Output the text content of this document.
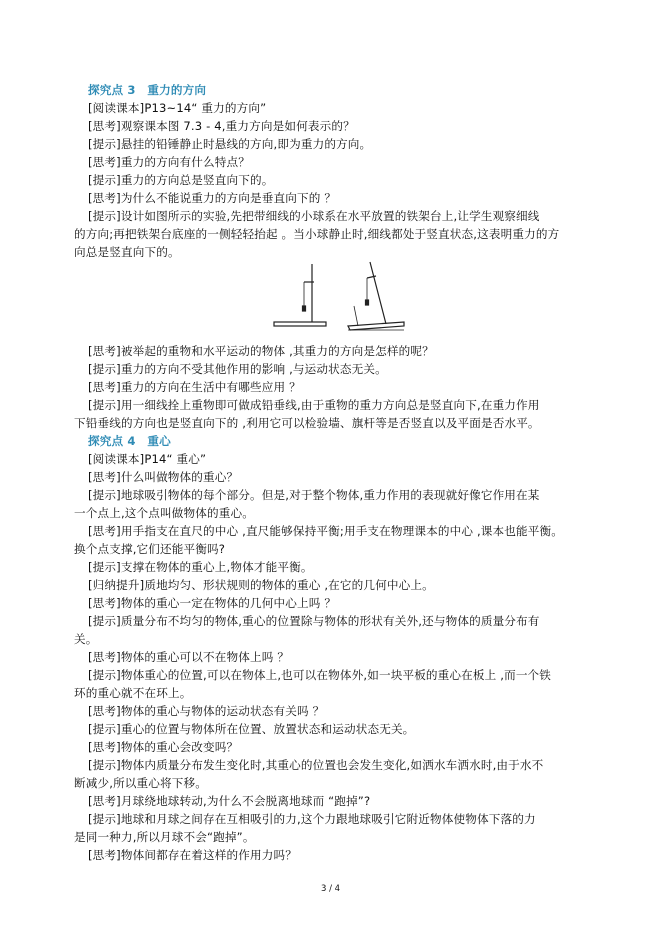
探究点 3　重力的方向
[阅读课本]P13~14“ 重力的方向”
[思考]观察课本图 7.3 - 4,重力方向是如何表示的？
[提示]悬挂的铅锤静止时悬线的方向,即为重力的方向。
[思考]重力的方向有什么特点？
[提示]重力的方向总是竖直向下的。
[思考]为什么不能说重力的方向是垂直向下的 ？
[提示]设计如图所示的实验,先把带细线的小球系在水平放置的铁架台上,让学生观察细线
的方向;再把铁架台底座的一侧轻轻抬起 。当小球静止时,细线都处于竖直状态,这表明重力的方
向总是竖直向下的。
[思考]被举起的重物和水平运动的物体 ,其重力的方向是怎样的呢？
[提示]重力的方向不受其他作用的影响 ,与运动状态无关。
[思考]重力的方向在生活中有哪些应用 ？
[提示]用一细线拴上重物即可做成铅垂线,由于重物的重力方向总是竖直向下,在重力作用
下铅垂线的方向也是竖直向下的 ,利用它可以检验墙、旗杆等是否竖直以及平面是否水平。
探究点 4　重心
[阅读课本]P14“ 重心”
[思考]什么叫做物体的重心？
[提示]地球吸引物体的每个部分。但是,对于整个物体,重力作用的表现就好像它作用在某
一个点上,这个点叫做物体的重心。
[思考]用手指支在直尺的中心 ,直尺能够保持平衡;用手支在物理课本的中心 ,课本也能平衡。
换个点支撑,它们还能平衡吗?
[提示]支撑在物体的重心上,物体才能平衡。
[归纳提升]质地均匀、形状规则的物体的重心 ,在它的几何中心上。
[思考]物体的重心一定在物体的几何中心上吗 ？
[提示]质量分布不均匀的物体,重心的位置除与物体的形状有关外,还与物体的质量分布有
关。
[思考]物体的重心可以不在物体上吗 ？
[提示]物体重心的位置,可以在物体上,也可以在物体外,如一块平板的重心在板上 ,而一个铁
环的重心就不在环上。
[思考]物体的重心与物体的运动状态有关吗 ？
[提示]重心的位置与物体所在位置、放置状态和运动状态无关。
[思考]物体的重心会改变吗？
[提示]物体内质量分布发生变化时,其重心的位置也会发生变化,如洒水车洒水时,由于水不
断减少,所以重心将下移。
[思考]月球绕地球转动,为什么不会脱离地球而 “跑掉”?
[提示]地球和月球之间存在互相吸引的力,这个力跟地球吸引它附近物体使物体下落的力
是同一种力,所以月球不会“跑掉”。
[思考]物体间都存在着这样的作用力吗？
3 / 4
